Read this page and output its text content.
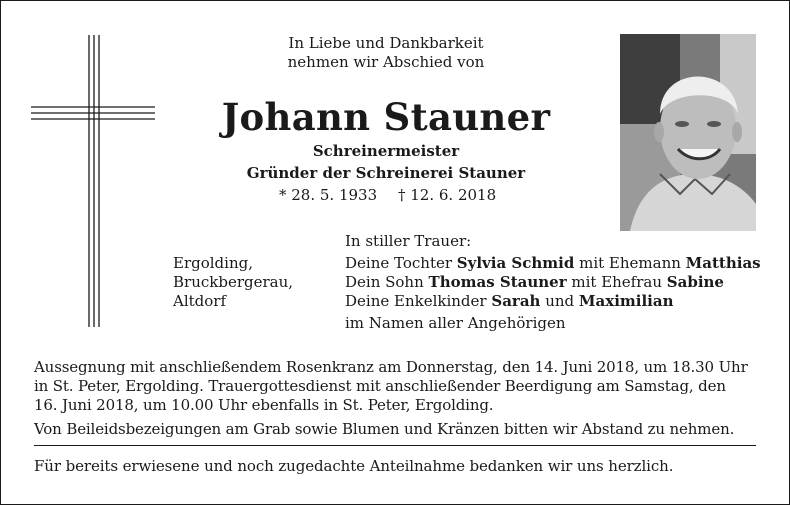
In Liebe und Dankbarkeit
nehmen wir Abschied von
Johann Stauner
Schreinermeister
Gründer der Schreinerei Stauner
* 28. 5. 1933 † 12. 6. 2018
In stiller Trauer:
Ergolding,
Bruckbergerau,
Altdorf
Deine Tochter Sylvia Schmid mit Ehemann Matthias
Dein Sohn Thomas Stauner mit Ehefrau Sabine
Deine Enkelkinder Sarah und Maximilian
im Namen aller Angehörigen
Aussegnung mit anschließendem Rosenkranz am Donnerstag, den 14. Juni 2018, um 18.30 Uhr
in St. Peter, Ergolding. Trauergottesdienst mit anschließender Beerdigung am Samstag, den
16. Juni 2018, um 10.00 Uhr ebenfalls in St. Peter, Ergolding.
Von Beileidsbezeigungen am Grab sowie Blumen und Kränzen bitten wir Abstand zu nehmen.
Für bereits erwiesene und noch zugedachte Anteilnahme bedanken wir uns herzlich.
